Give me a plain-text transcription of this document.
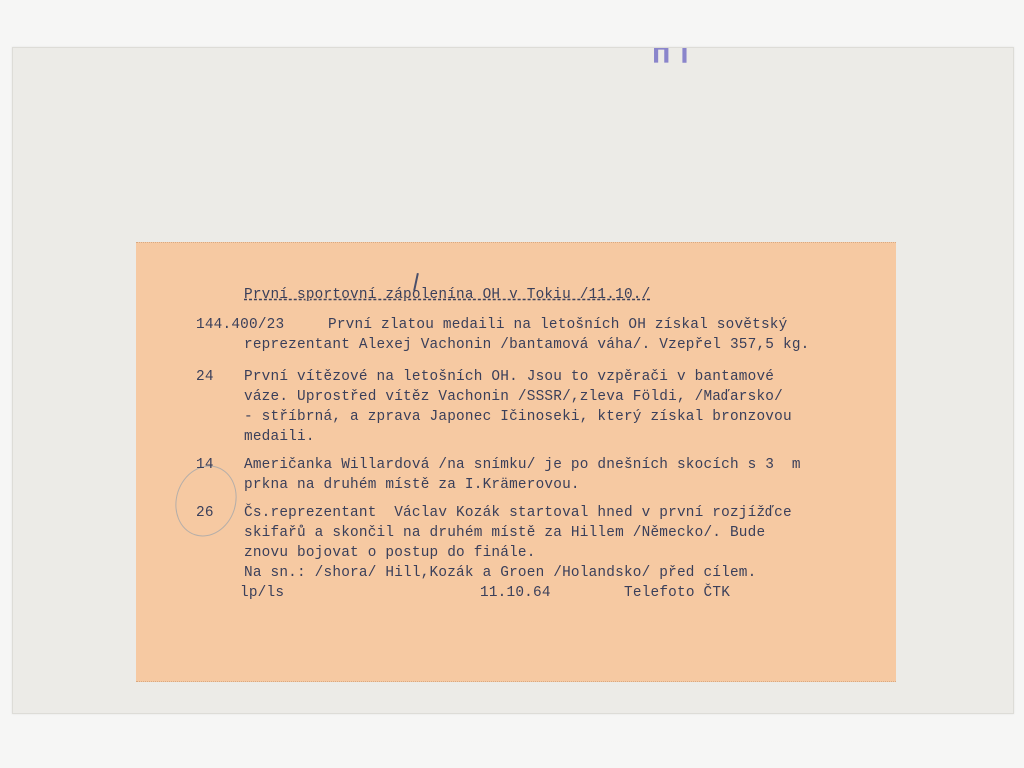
ΠΙ
První sportovní zápolenína OH v Tokiu /11.10./
144.400/23	První zlatou medaili na letošních OH získal sovětský
reprezentant Alexej Vachonin /bantamová váha/. Vzepřel 357,5 kg.
24 První vítězové na letošních OH. Jsou to vzpěrači v bantamové
váze. Uprostřed vítěz Vachonin /SSSR/,zleva Földi, /Maďarsko/
- stříbrná, a zprava Japonec Ičinoseki, který získal bronzovou
medaili.
14 Američanka Willardová /na snímku/ je po dnešních skocích s 3  m
prkna na druhém místě za I.Krämerovou.
26 Čs.reprezentant  Václav Kozák startoval hned v první rozjížďce
skifařů a skončil na druhém místě za Hillem /Německo/. Bude
znovu bojovat o postup do finále.
Na sn.: /shora/ Hill,Kozák a Groen /Holandsko/ před cílem.
lp/ls	11.10.64	Telefoto ČTK
